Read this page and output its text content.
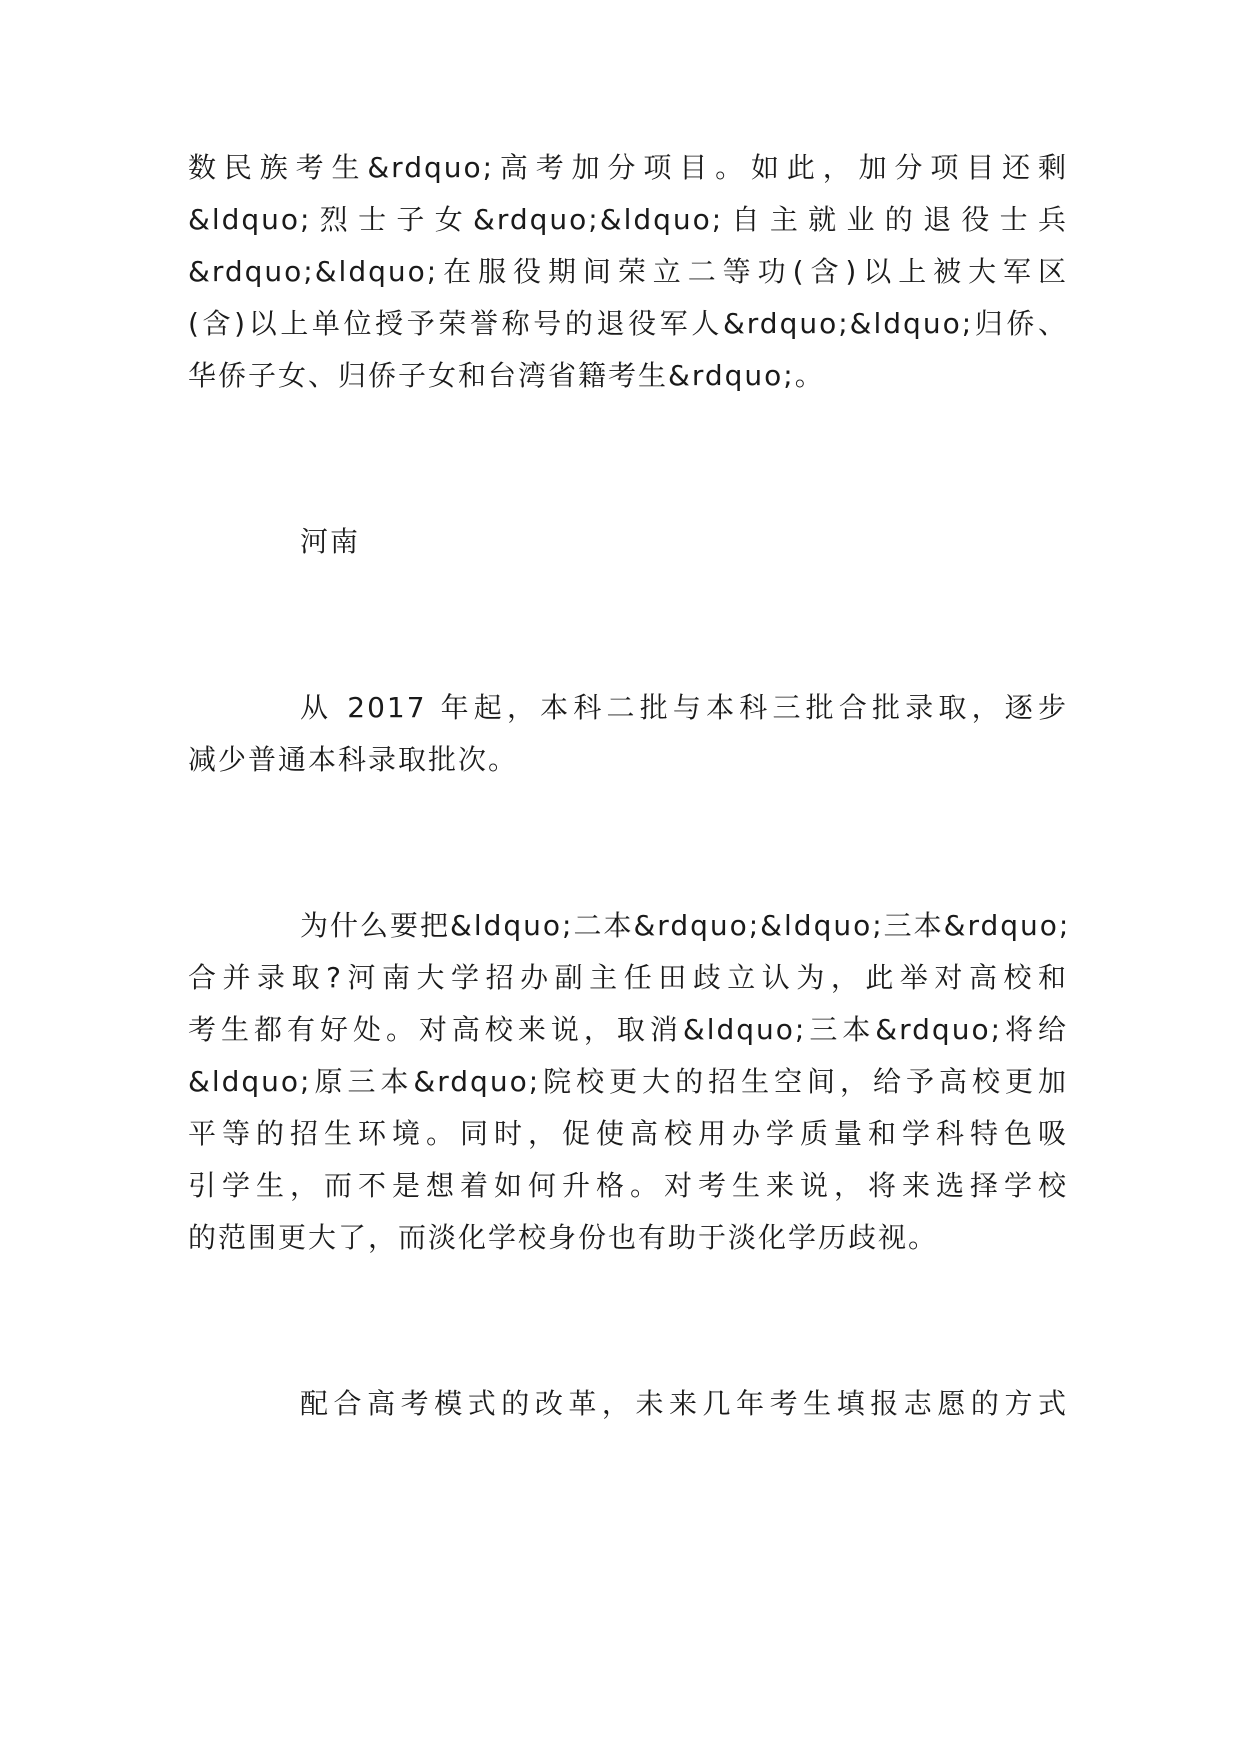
数民族考生&rdquo;高考加分项目。如此，加分项目还剩
&ldquo;烈士子女&rdquo;&ldquo;自主就业的退役士兵
&rdquo;&ldquo;在服役期间荣立二等功(含)以上被大军区
(含)以上单位授予荣誉称号的退役军人&rdquo;&ldquo;归侨、
华侨子女、归侨子女和台湾省籍考生&rdquo;。
河南
从 2017 年起，本科二批与本科三批合批录取，逐步
减少普通本科录取批次。
为什么要把&ldquo;二本&rdquo;&ldquo;三本&rdquo;
合并录取?河南大学招办副主任田歧立认为，此举对高校和
考生都有好处。对高校来说，取消&ldquo;三本&rdquo;将给
&ldquo;原三本&rdquo;院校更大的招生空间，给予高校更加
平等的招生环境。同时，促使高校用办学质量和学科特色吸
引学生，而不是想着如何升格。对考生来说，将来选择学校
的范围更大了，而淡化学校身份也有助于淡化学历歧视。
配合高考模式的改革，未来几年考生填报志愿的方式
